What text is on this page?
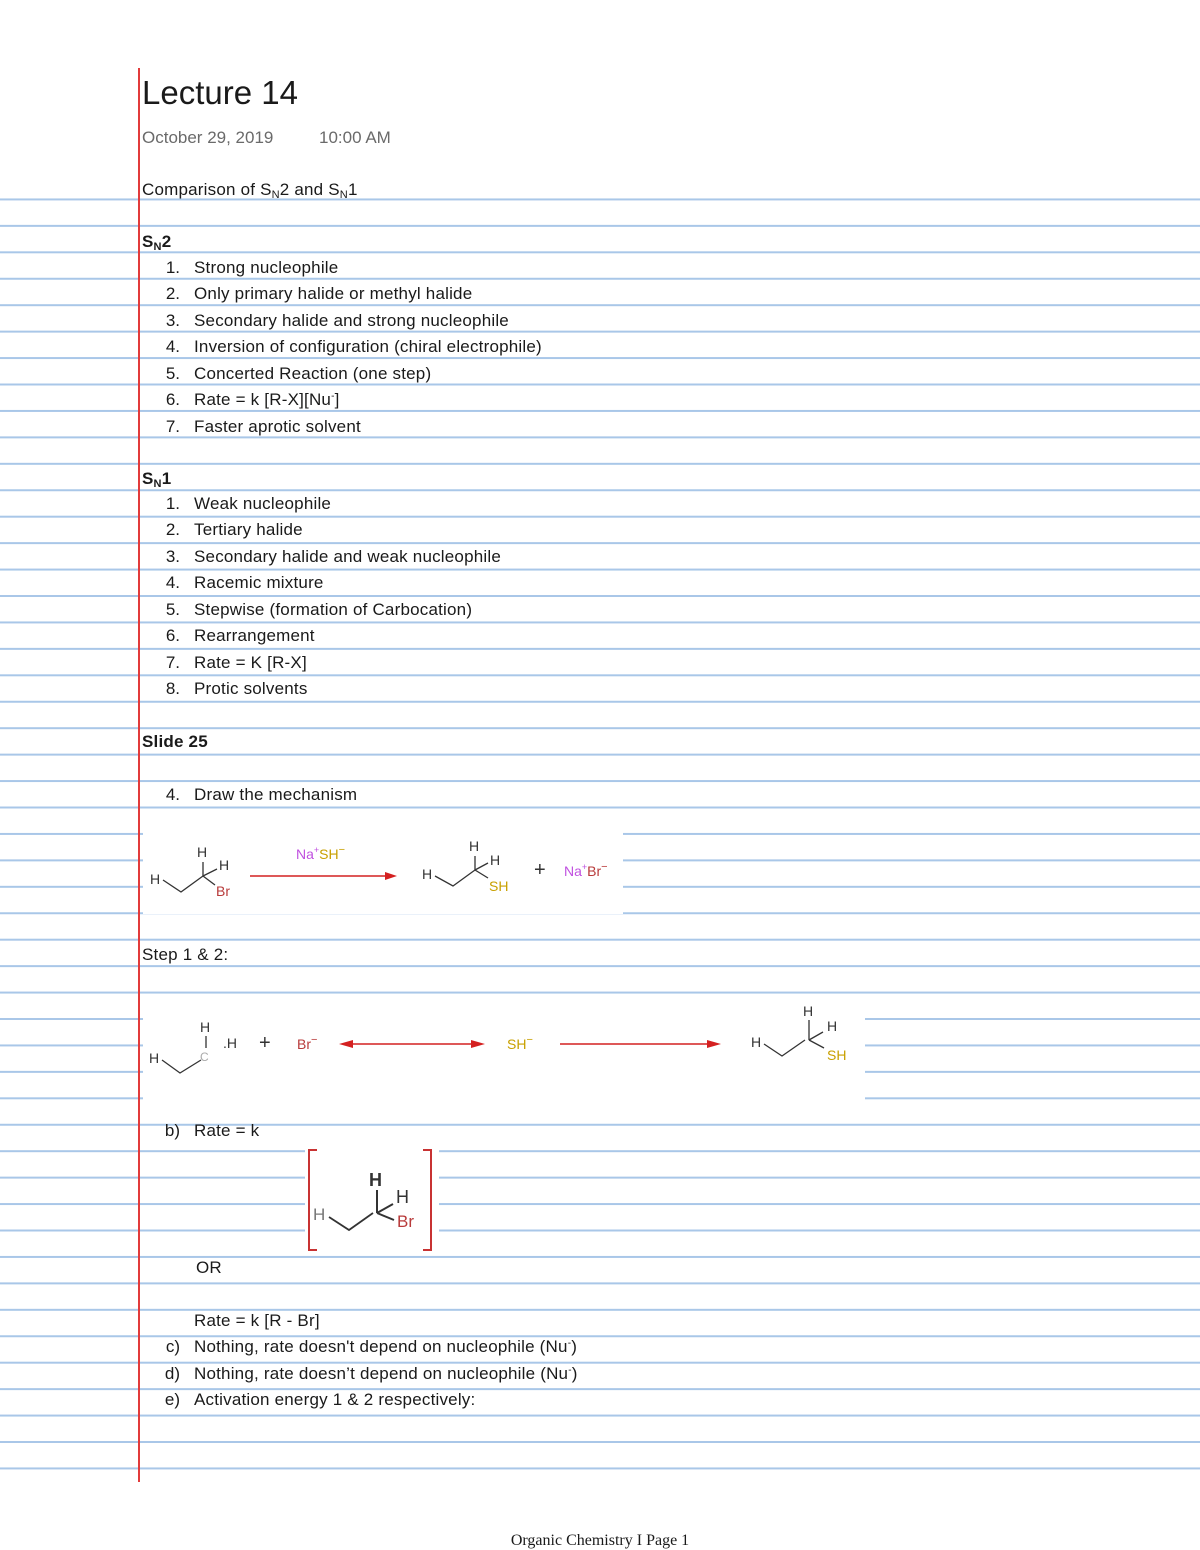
Lecture 14
October 29, 2019	10:00 AM
Comparison of $S_N2$ and $S_N1$
$S_N2$
1. Strong nucleophile
2. Only primary halide or methyl halide
3. Secondary halide and strong nucleophile
4. Inversion of configuration (chiral electrophile)
5. Concerted Reaction (one step)
6. Rate = k [R-X][Nu-]
7. Faster aprotic solvent
$S_N1$
1. Weak nucleophile
2. Tertiary halide
3. Secondary halide and weak nucleophile
4. Racemic mixture
5. Stepwise (formation of Carbocation)
6. Rearrangement
7. Rate = K [R-X]
8. Protic solvents
Slide 25
4. Draw the mechanism
H
H
H
Br
Na+SH−
H
H
H
SH
+ Na+Br−
Step 1 & 2:
H
H
C
.H + Br−	SH−	H
H
H
SH
b) Rate = k
H
H
H
Br
OR
Rate = k [R - Br]
c) Nothing, rate doesn't depend on nucleophile (Nu-)
d) Nothing, rate doesn’t depend on nucleophile (Nu-)
e) Activation energy 1 & 2 respectively:
Organic Chemistry I Page 1
